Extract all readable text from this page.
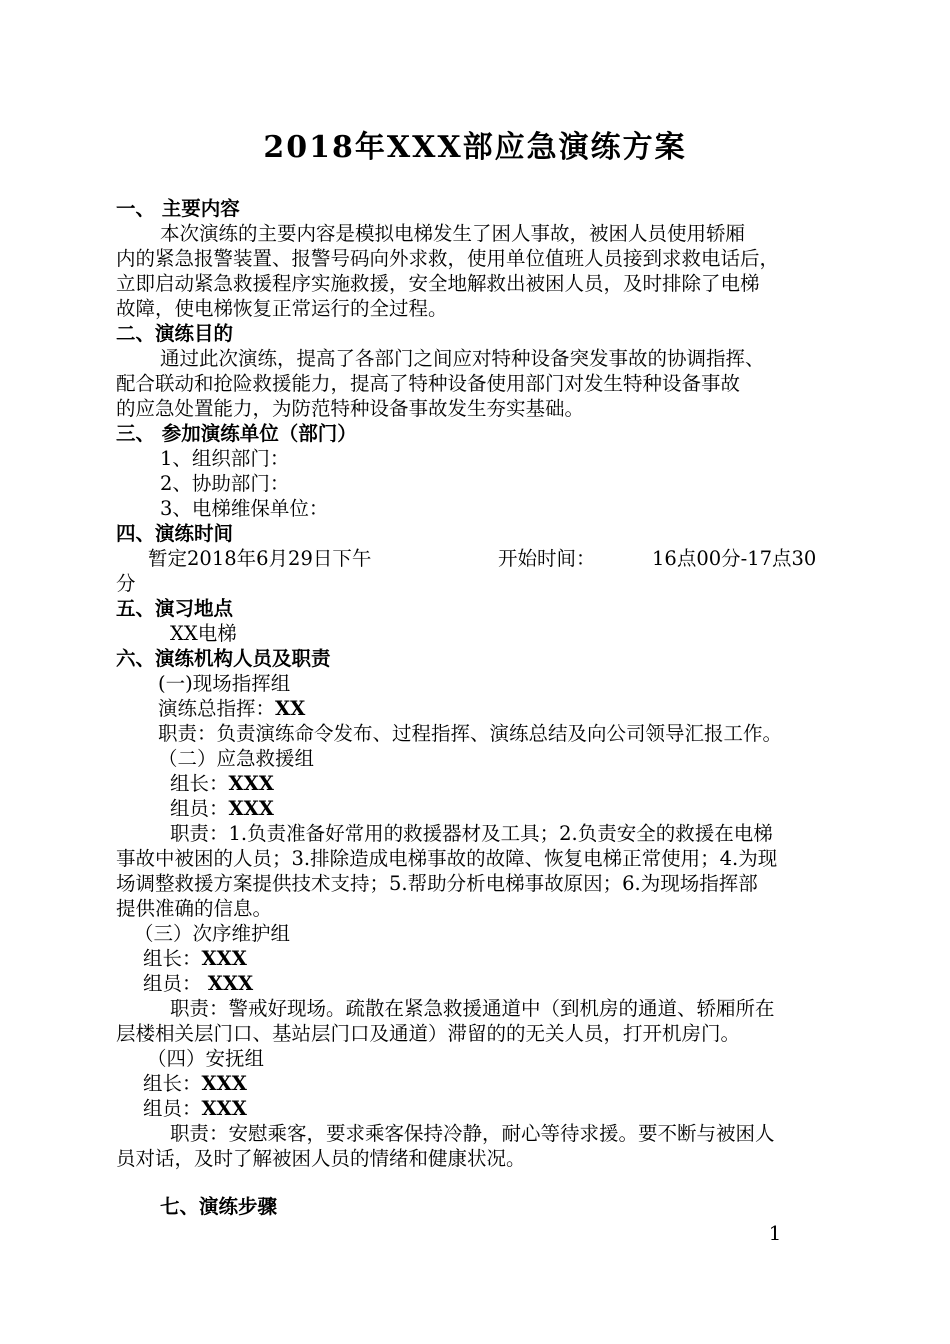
2018年XXX部应急演练方案
一、 主要内容
本次演练的主要内容是模拟电梯发生了困人事故，被困人员使用轿厢
内的紧急报警装置、报警号码向外求救，使用单位值班人员接到求救电话后，
立即启动紧急救援程序实施救援，安全地解救出被困人员，及时排除了电梯
故障，使电梯恢复正常运行的全过程。
二、演练目的
通过此次演练，提高了各部门之间应对特种设备突发事故的协调指挥、
配合联动和抢险救援能力，提高了特种设备使用部门对发生特种设备事故
的应急处置能力，为防范特种设备事故发生夯实基础。
三、 参加演练单位（部门）
1、组织部门：
2、协助部门：
3、电梯维保单位：
四、演练时间
暂定2018年6月29日下午	开始时间：	16点00分-17点30
分
五、演习地点
XX电梯
六、演练机构人员及职责
(一)现场指挥组
演练总指挥：XX
职责：负责演练命令发布、过程指挥、演练总结及向公司领导汇报工作。
（二）应急救援组
组长：XXX
组员：XXX
职责：1.负责准备好常用的救援器材及工具；2.负责安全的救援在电梯
事故中被困的人员；3.排除造成电梯事故的故障、恢复电梯正常使用；4.为现
场调整救援方案提供技术支持；5.帮助分析电梯事故原因；6.为现场指挥部
提供准确的信息。
（三）次序维护组
组长：XXX
组员： XXX
职责：警戒好现场。疏散在紧急救援通道中（到机房的通道、轿厢所在
层楼相关层门口、基站层门口及通道）滞留的的无关人员，打开机房门。
（四）安抚组
组长：XXX
组员：XXX
职责：安慰乘客，要求乘客保持冷静，耐心等待求援。要不断与被困人
员对话，及时了解被困人员的情绪和健康状况。
七、演练步骤
1
